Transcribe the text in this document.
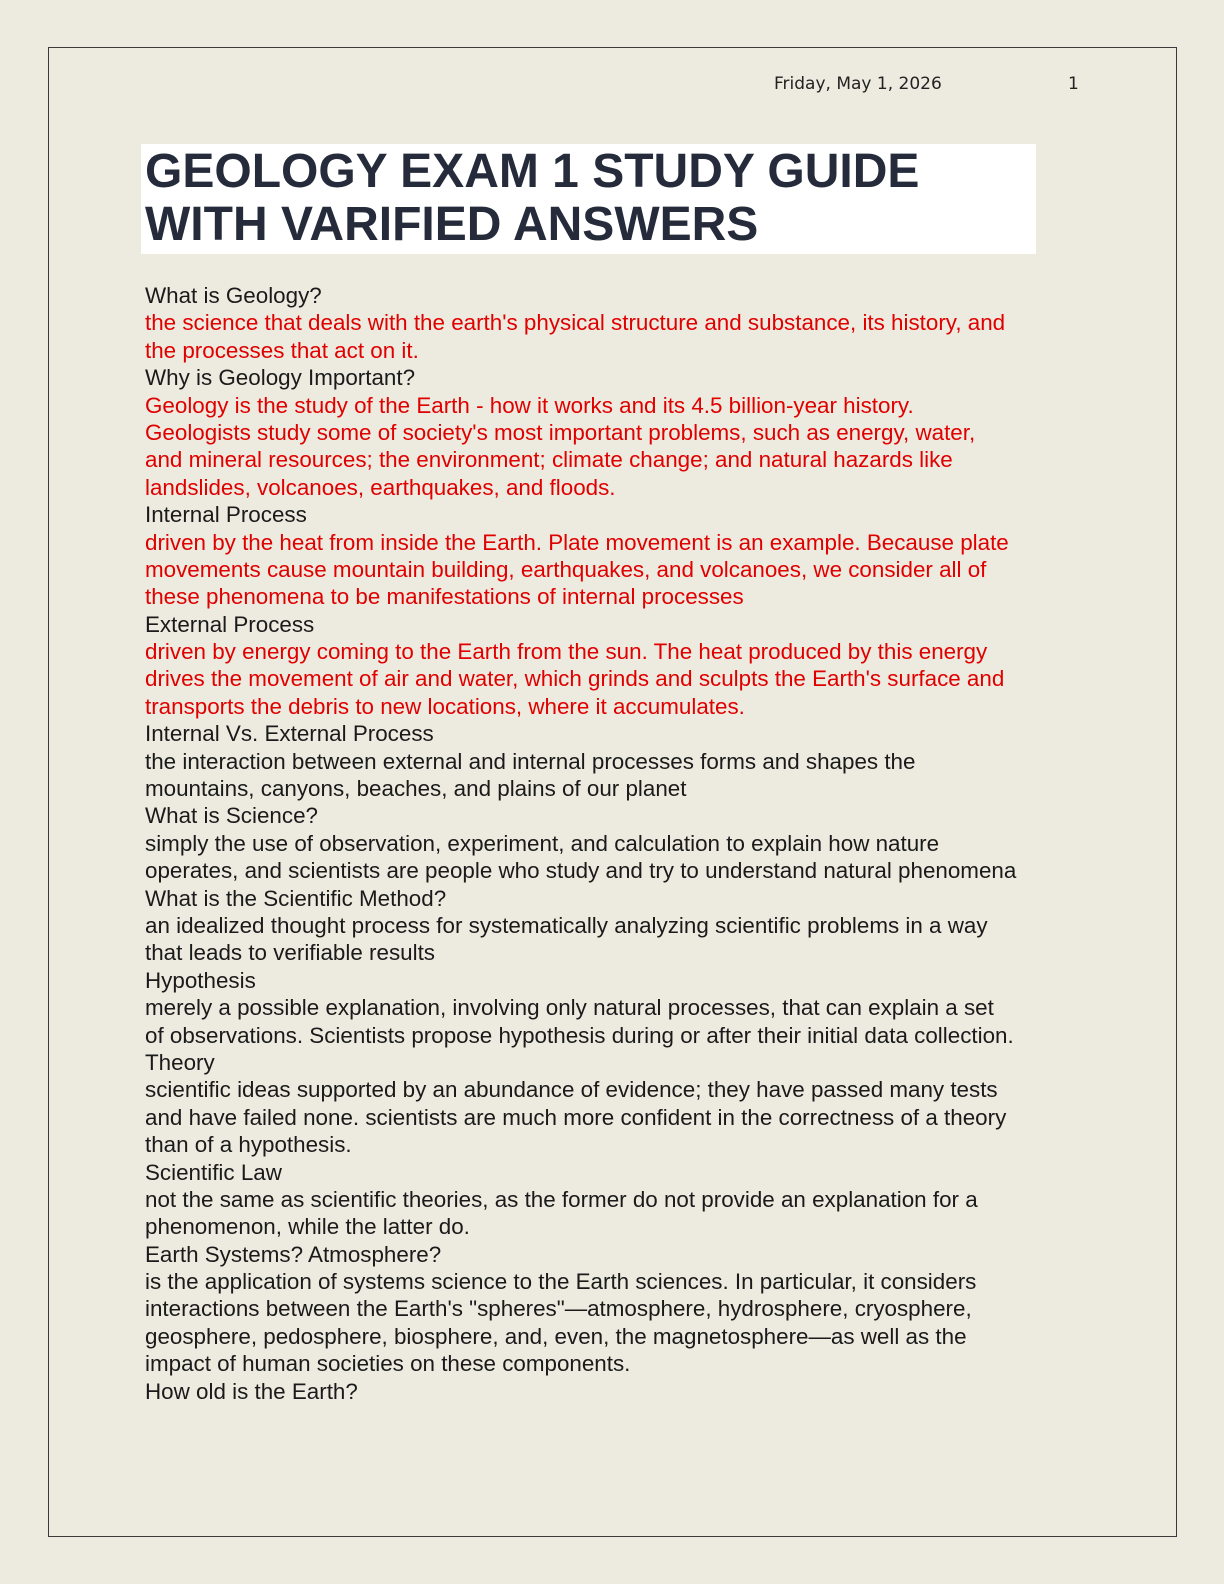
Friday, May 1, 2026	1
GEOLOGY EXAM 1 STUDY GUIDE
WITH VARIFIED ANSWERS
What is Geology?
the science that deals with the earth's physical structure and substance, its history, and
the processes that act on it.
Why is Geology Important?
Geology is the study of the Earth - how it works and its 4.5 billion-year history.
Geologists study some of society's most important problems, such as energy, water,
and mineral resources; the environment; climate change; and natural hazards like
landslides, volcanoes, earthquakes, and floods.
Internal Process
driven by the heat from inside the Earth. Plate movement is an example. Because plate
movements cause mountain building, earthquakes, and volcanoes, we consider all of
these phenomena to be manifestations of internal processes
External Process
driven by energy coming to the Earth from the sun. The heat produced by this energy
drives the movement of air and water, which grinds and sculpts the Earth's surface and
transports the debris to new locations, where it accumulates.
Internal Vs. External Process
the interaction between external and internal processes forms and shapes the
mountains, canyons, beaches, and plains of our planet
What is Science?
simply the use of observation, experiment, and calculation to explain how nature
operates, and scientists are people who study and try to understand natural phenomena
What is the Scientific Method?
an idealized thought process for systematically analyzing scientific problems in a way
that leads to verifiable results
Hypothesis
merely a possible explanation, involving only natural processes, that can explain a set
of observations. Scientists propose hypothesis during or after their initial data collection.
Theory
scientific ideas supported by an abundance of evidence; they have passed many tests
and have failed none. scientists are much more confident in the correctness of a theory
than of a hypothesis.
Scientific Law
not the same as scientific theories, as the former do not provide an explanation for a
phenomenon, while the latter do.
Earth Systems? Atmosphere?
is the application of systems science to the Earth sciences. In particular, it considers
interactions between the Earth's "spheres"—atmosphere, hydrosphere, cryosphere,
geosphere, pedosphere, biosphere, and, even, the magnetosphere—as well as the
impact of human societies on these components.
How old is the Earth?
